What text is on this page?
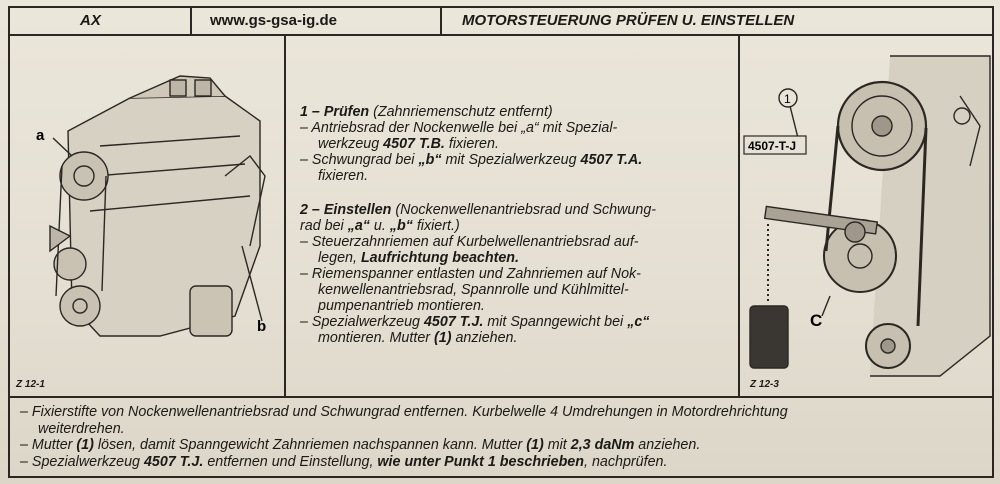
AX	www.gs-gsa-ig.de	MOTORSTEUERUNG PRÜFEN U. EINSTELLEN
a
b
Z 12-1
1 – Prüfen (Zahnriemenschutz entfernt)
– Antriebsrad der Nockenwelle bei „a“ mit Spezial-
werkzeug 4507 T.B. fixieren.
– Schwungrad bei „b“ mit Spezialwerkzeug 4507 T.A.
fixieren.
2 – Einstellen (Nockenwellenantriebsrad und Schwung-
rad bei „a“ u. „b“ fixiert.)
– Steuerzahnriemen auf Kurbelwellenantriebsrad auf-
legen, Laufrichtung beachten.
– Riemenspanner entlasten und Zahnriemen auf Nok-
kenwellenantriebsrad, Spannrolle und Kühlmittel-
pumpenantrieb montieren.
– Spezialwerkzeug 4507 T.J. mit Spanngewicht bei „c“
montieren. Mutter (1) anziehen.
1
4507-T-J
C
Z 12-3
– Fixierstifte von Nockenwellenantriebsrad und Schwungrad entfernen. Kurbelwelle 4 Umdrehungen in Motordrehrichtung
weiterdrehen.
– Mutter (1) lösen, damit Spanngewicht Zahnriemen nachspannen kann. Mutter (1) mit 2,3 daNm anziehen.
– Spezialwerkzeug 4507 T.J. entfernen und Einstellung, wie unter Punkt 1 beschrieben, nachprüfen.
